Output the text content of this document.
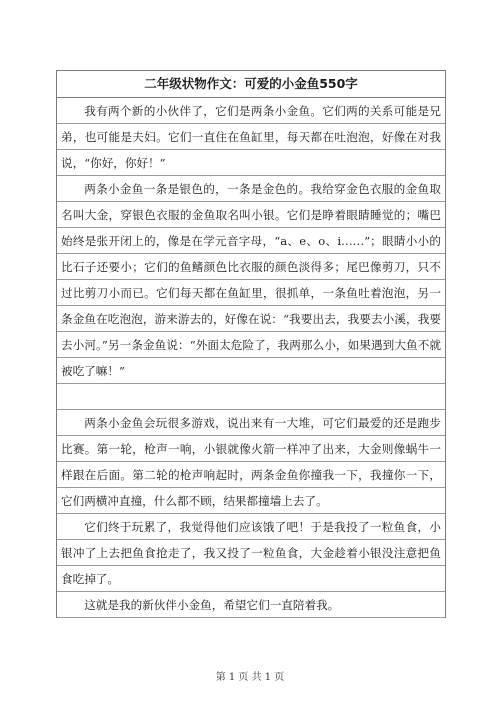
二年级状物作文：可爱的小金鱼550字
我有两个新的小伙伴了，它们是两条小金鱼。它们两的关系可能是兄弟，也可能是夫妇。它们一直住在鱼缸里，每天都在吐泡泡，好像在对我说，“你好，你好！”
两条小金鱼一条是银色的，一条是金色的。我给穿金色衣服的金鱼取名叫大金，穿银色衣服的金鱼取名叫小银。它们是睁着眼睛睡觉的；嘴巴始终是张开闭上的，像是在学元音字母，“a、e、o、i……”；眼睛小小的比石子还要小；它们的鱼鳍颜色比衣服的颜色淡得多；尾巴像剪刀，只不过比剪刀小而已。它们每天都在鱼缸里，很抓单，一条鱼吐着泡泡，另一条金鱼在吃泡泡，游来游去的，好像在说：“我要出去，我要去小溪，我要去小河。”另一条金鱼说：“外面太危险了，我两那么小，如果遇到大鱼不就被吃了嘛！”
两条小金鱼会玩很多游戏，说出来有一大堆，可它们最爱的还是跑步比赛。第一轮，枪声一响，小银就像火箭一样冲了出来，大金则像蜗牛一样跟在后面。第二轮的枪声响起时，两条金鱼你撞我一下，我撞你一下，它们两横冲直撞，什么都不顾，结果都撞墙上去了。
它们终于玩累了，我觉得他们应该饿了吧！于是我投了一粒鱼食，小银冲了上去把鱼食抢走了，我又投了一粒鱼食，大金趁着小银没注意把鱼食吃掉了。
这就是我的新伙伴小金鱼，希望它们一直陪着我。
第 1 页 共 1 页
